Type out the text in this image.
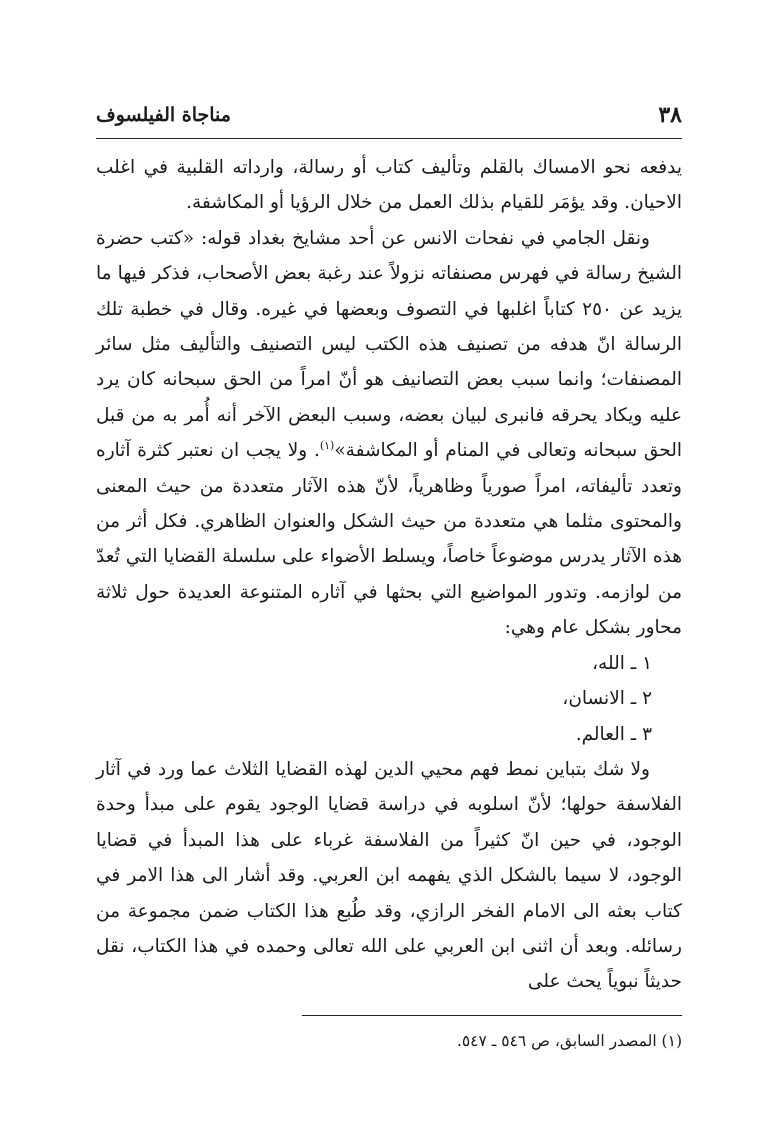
٣٨
مناجاة الفيلسوف

يدفعه نحو الامساك بالقلم وتأليف كتاب أو رسالة، وارداته القلبية في اغلب الاحيان. وقد يؤمَر للقيام بذلك العمل من خلال الرؤيا أو المكاشفة.

ونقل الجامي في نفحات الانس عن أحد مشايخ بغداد قوله: «كتب حضرة الشيخ رسالة في فهرس مصنفاته نزولاً عند رغبة بعض الأصحاب، فذكر فيها ما يزيد عن ٢٥٠ كتاباً اغلبها في التصوف وبعضها في غيره. وقال في خطبة تلك الرسالة انّ هدفه من تصنيف هذه الكتب ليس التصنيف والتأليف مثل سائر المصنفات؛ وانما سبب بعض التصانيف هو أنّ امراً من الحق سبحانه كان يرد عليه ويكاد يحرقه فانبرى لبيان بعضه، وسبب البعض الآخر أنه أُمر به من قبل الحق سبحانه وتعالى في المنام أو المكاشفة»$^{(١)}$. ولا يجب ان نعتبر كثرة آثاره وتعدد تأليفاته، امراً صورياً وظاهرياً، لأنّ هذه الآثار متعددة من حيث المعنى والمحتوى مثلما هي متعددة من حيث الشكل والعنوان الظاهري. فكل أثر من هذه الآثار يدرس موضوعاً خاصاً، ويسلط الأضواء على سلسلة القضايا التي تُعدّ من لوازمه. وتدور المواضيع التي بحثها في آثاره المتنوعة العديدة حول ثلاثة محاور بشكل عام وهي:

١ ـ الله،

٢ ـ الانسان،

٣ ـ العالم.

ولا شك بتباين نمط فهم محيي الدين لهذه القضايا الثلاث عما ورد في آثار الفلاسفة حولها؛ لأنّ اسلوبه في دراسة قضايا الوجود يقوم على مبدأ وحدة الوجود، في حين انّ كثيراً من الفلاسفة غرباء على هذا المبدأ في قضايا الوجود، لا سيما بالشكل الذي يفهمه ابن العربي. وقد أشار الى هذا الامر في كتاب بعثه الى الامام الفخر الرازي، وقد طُبع هذا الكتاب ضمن مجموعة من رسائله. وبعد أن اثنى ابن العربي على الله تعالى وحمده في هذا الكتاب، نقل حديثاً نبوياً يحث على

(١) المصدر السابق، ص ٥٤٦ ـ ٥٤٧.
